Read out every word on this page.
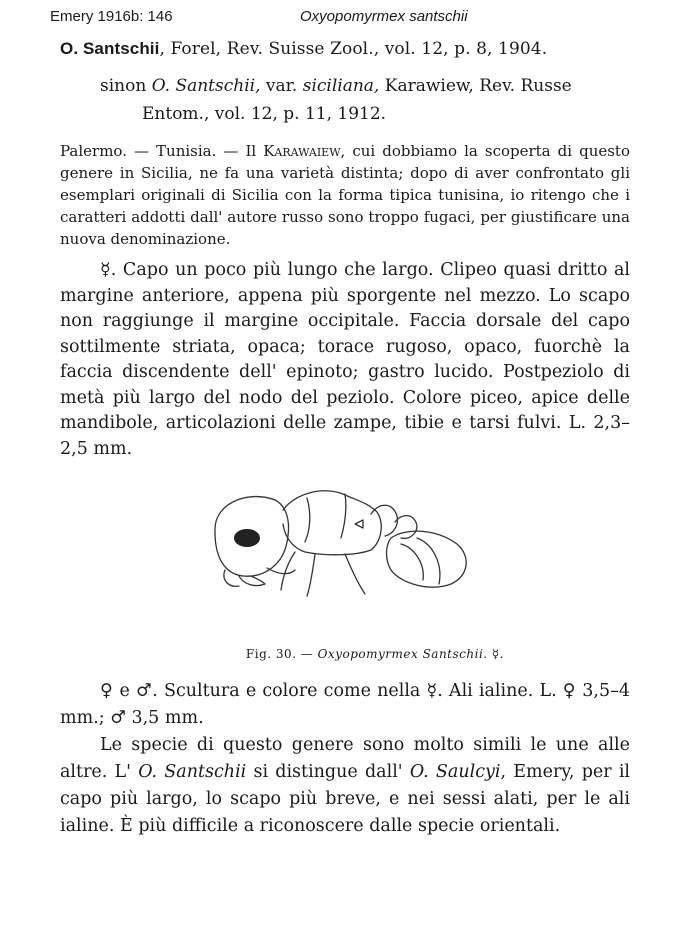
Emery 1916b: 146	Oxyopomyrmex santschii
O. Santschii, Forel, Rev. Suisse Zool., vol. 12, p. 8, 1904.
sinon O. Santschii, var. siciliana, Karawiew, Rev. Russe
Entom., vol. 12, p. 11, 1912.
Palermo. — Tunisia. — Il Karawaiew, cui dobbiamo la scoperta di questo genere in Sicilia, ne fa una varietà distinta; dopo di aver confrontato gli esemplari originali di Sicilia con la forma tipica tunisina, io ritengo che i caratteri addotti dall' autore russo sono troppo fugaci, per giustificare una nuova denominazione.
☿. Capo un poco più lungo che largo. Clipeo quasi dritto al margine anteriore, appena più sporgente nel mezzo. Lo scapo non raggiunge il margine occipitale. Faccia dorsale del capo sottilmente striata, opaca; torace rugoso, opaco, fuorchè la faccia discendente dell' epinoto; gastro lucido. Postpeziolo di metà più largo del nodo del peziolo. Colore piceo, apice delle mandibole, articolazioni delle zampe, tibie e tarsi fulvi. L. 2,3–2,5 mm.
Fig. 30. — Oxyopomyrmex Santschii. ☿.
♀ e ♂. Scultura e colore come nella ☿. Ali ialine. L. ♀ 3,5–4 mm.; ♂ 3,5 mm.
Le specie di questo genere sono molto simili le une alle altre. L' O. Santschii si distingue dall' O. Saulcyi, Emery, per il capo più largo, lo scapo più breve, e nei sessi alati, per le ali ialine. È più difficile a riconoscere dalle specie orientali.
